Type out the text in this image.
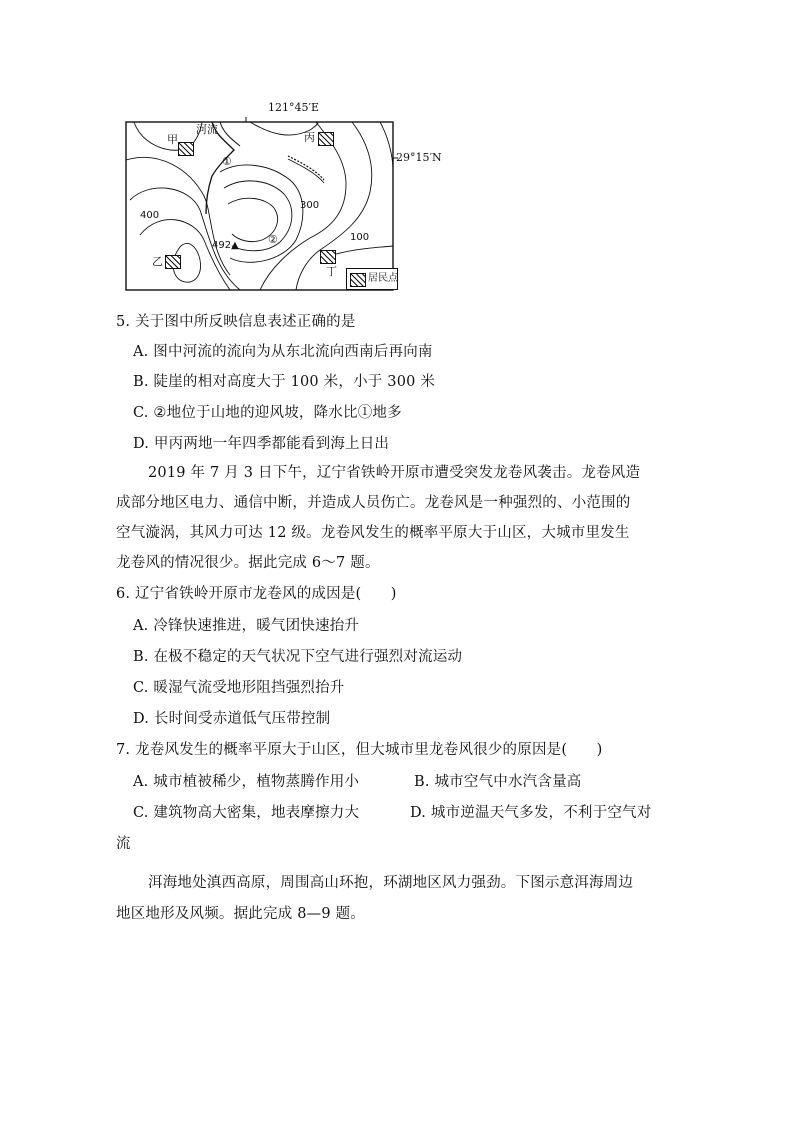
121°45′E
29°15′N
河流
甲	丙
乙
丁
①
②
400
300
100
492▲
居民点
5. 关于图中所反映信息表述正确的是
A. 图中河流的流向为从东北流向西南后再向南
B. 陡崖的相对高度大于 100 米，小于 300 米
C. ②地位于山地的迎风坡，降水比①地多
D. 甲丙两地一年四季都能看到海上日出
2019 年 7 月 3 日下午，辽宁省铁岭开原市遭受突发龙卷风袭击。龙卷风造
成部分地区电力、通信中断，并造成人员伤亡。龙卷风是一种强烈的、小范围的
空气漩涡，其风力可达 12 级。龙卷风发生的概率平原大于山区，大城市里发生
龙卷风的情况很少。据此完成 6～7 题。
6. 辽宁省铁岭开原市龙卷风的成因是(　　)
A. 冷锋快速推进，暖气团快速抬升
B. 在极不稳定的天气状况下空气进行强烈对流运动
C. 暖湿气流受地形阻挡强烈抬升
D. 长时间受赤道低气压带控制
7. 龙卷风发生的概率平原大于山区，但大城市里龙卷风很少的原因是(　　)
A. 城市植被稀少，植物蒸腾作用小	B. 城市空气中水汽含量高
C. 建筑物高大密集，地表摩擦力大	D. 城市逆温天气多发，不利于空气对
流
洱海地处滇西高原，周围高山环抱，环湖地区风力强劲。下图示意洱海周边
地区地形及风频。据此完成 8—9 题。
